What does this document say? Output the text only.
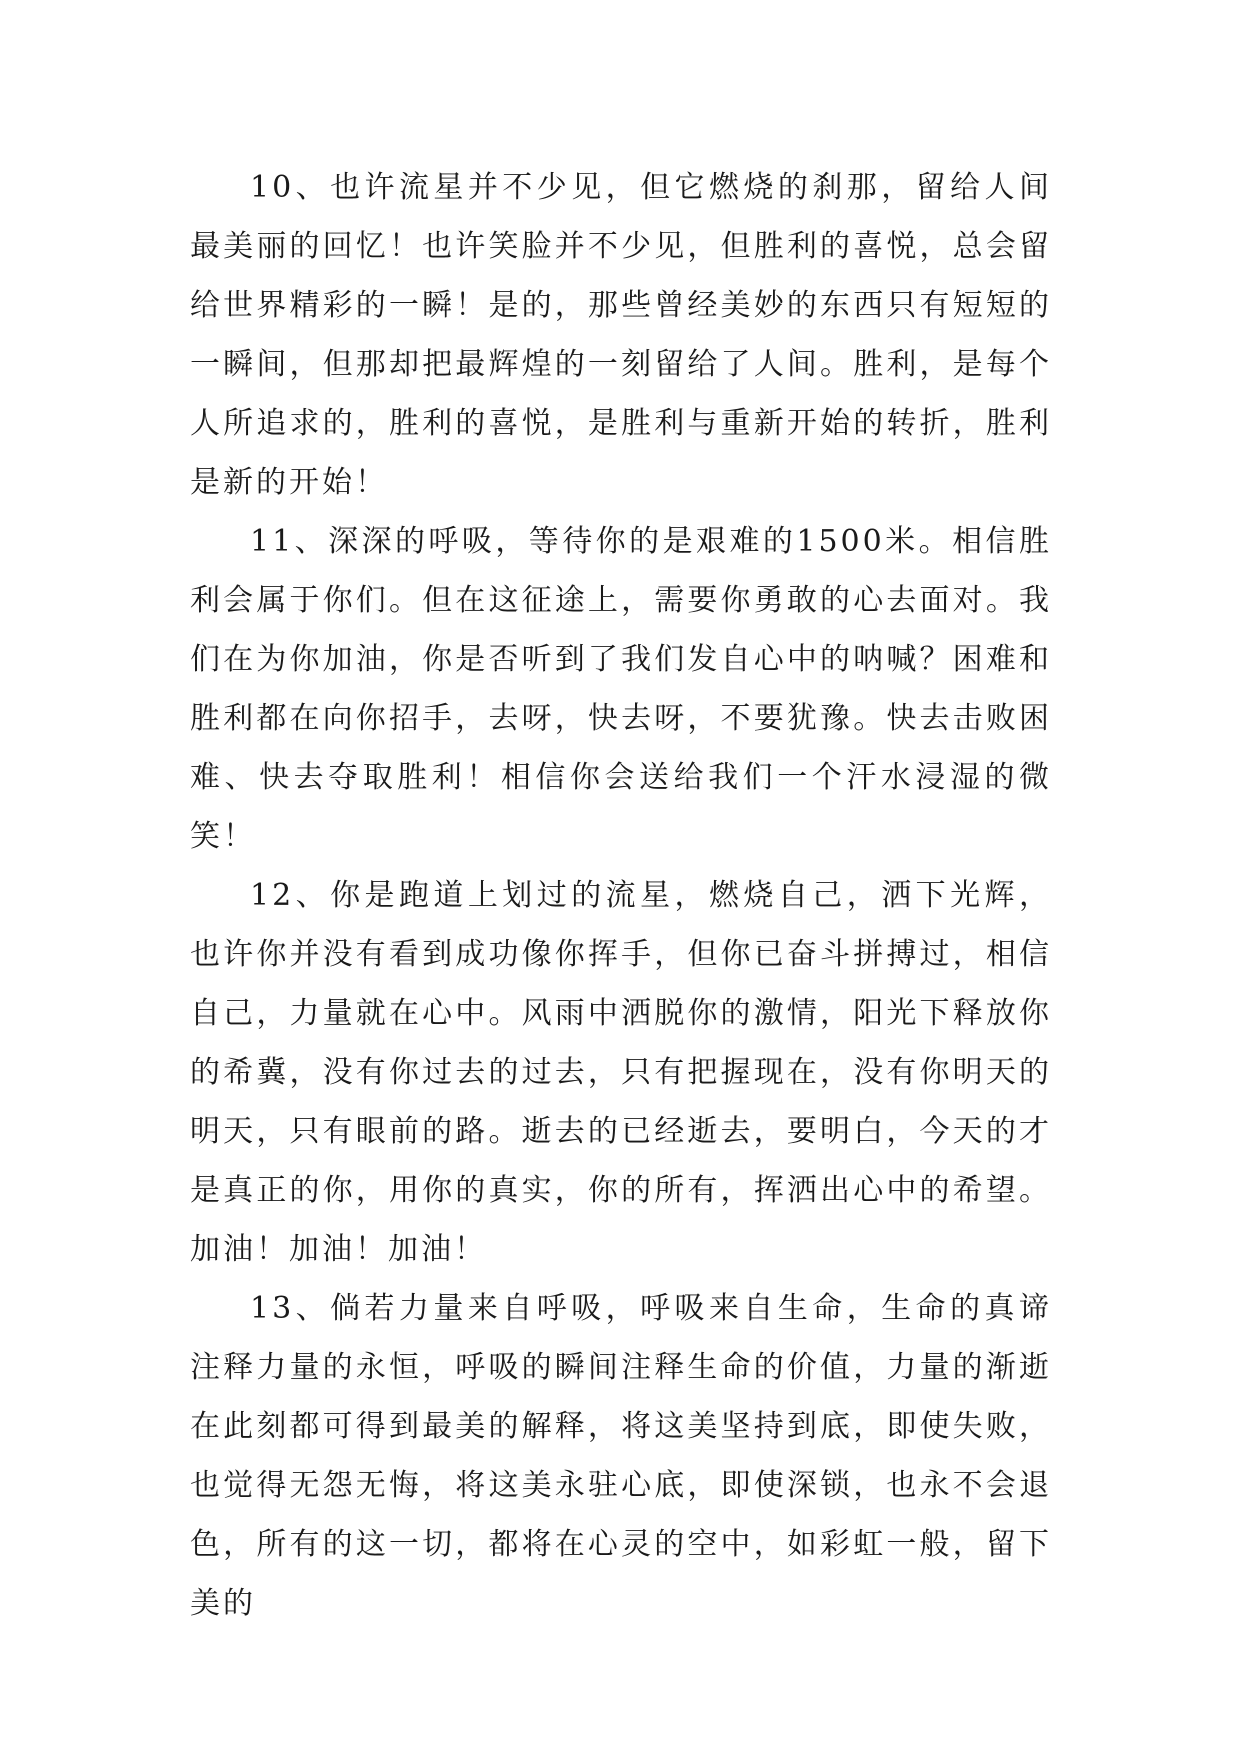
10、也许流星并不少见，但它燃烧的刹那，留给人间最美丽的回忆！也许笑脸并不少见，但胜利的喜悦，总会留给世界精彩的一瞬！是的，那些曾经美妙的东西只有短短的一瞬间，但那却把最辉煌的一刻留给了人间。胜利，是每个人所追求的，胜利的喜悦，是胜利与重新开始的转折，胜利是新的开始！

11、深深的呼吸，等待你的是艰难的1500米。相信胜利会属于你们。但在这征途上，需要你勇敢的心去面对。我们在为你加油，你是否听到了我们发自心中的呐喊？困难和胜利都在向你招手，去呀，快去呀，不要犹豫。快去击败困难、快去夺取胜利！相信你会送给我们一个汗水浸湿的微笑！

12、你是跑道上划过的流星，燃烧自己，洒下光辉，也许你并没有看到成功像你挥手，但你已奋斗拼搏过，相信自己，力量就在心中。风雨中洒脱你的激情，阳光下释放你的希冀，没有你过去的过去，只有把握现在，没有你明天的明天，只有眼前的路。逝去的已经逝去，要明白，今天的才是真正的你，用你的真实，你的所有，挥洒出心中的希望。加油！加油！加油！

13、倘若力量来自呼吸，呼吸来自生命，生命的真谛注释力量的永恒，呼吸的瞬间注释生命的价值，力量的渐逝在此刻都可得到最美的解释，将这美坚持到底，即使失败，也觉得无怨无悔，将这美永驻心底，即使深锁，也永不会退色，所有的这一切，都将在心灵的空中，如彩虹一般，留下美的
